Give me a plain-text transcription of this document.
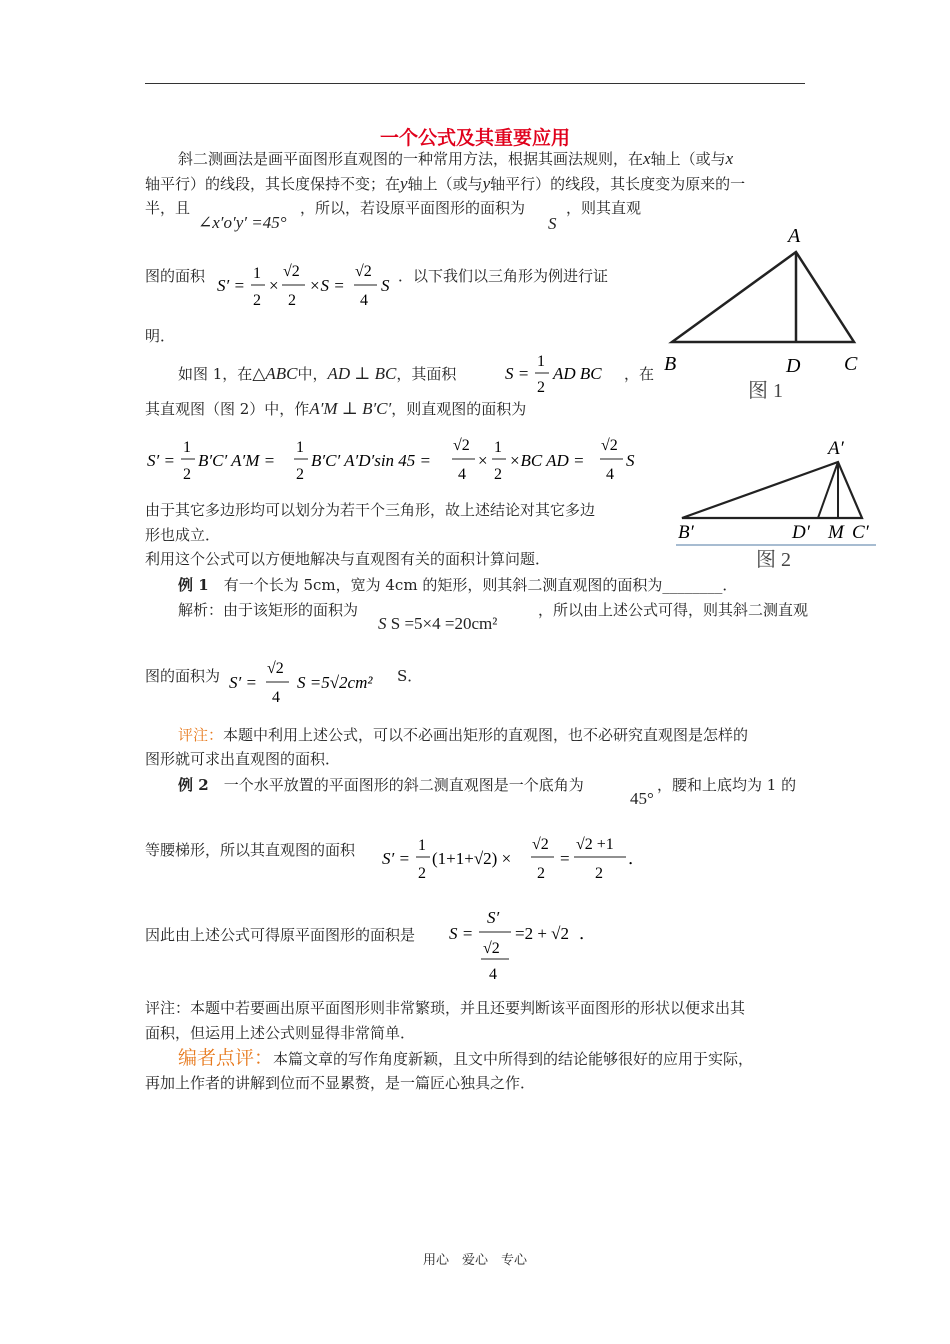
一个公式及其重要应用
斜二测画法是画平面图形直观图的一种常用方法，根据其画法规则，在x轴上（或与x
轴平行）的线段，其长度保持不变；在y轴上（或与y轴平行）的线段，其长度变为原来的一
半，且
∠x′o′y′ =45°
，所以，若设原平面图形的面积为
S
，则其直观
图的面积 S′ =
1
2
×
√2
2
×S =
√2
4
S ．以下我们以三角形为例进行证
明．
A
B	D C
图 1
如图 1，在△ABC中，AD ⊥ BC，其面积	S =
1
2
AD BC ，在
其直观图（图 2）中，作A′M ⊥ B′C′，则直观图的面积为
S′ =
1
2
B′C′ A′M =
1
2
B′C′ A′D′sin 45 =
√2
4
×
1
2
×BC AD =
√2
4
S
A′
B′	D′ M C′
图 2
由于其它多边形均可以划分为若干个三角形，故上述结论对其它多边
形也成立．
利用这个公式可以方便地解决与直观图有关的面积计算问题．
例 1　 有一个长为 5cm，宽为 4cm 的矩形，则其斜二测直观图的面积为________．
解析：由于该矩形的面积为
S S =5×4 =20cm²
，所以由上述公式可得，则其斜二测直观
图的面积为 S′ =
√2
4
S =5√2cm² S．
评注：本题中利用上述公式，可以不必画出矩形的直观图，也不必研究直观图是怎样的
图形就可求出直观图的面积．
例 2　 一个水平放置的平面图形的斜二测直观图是一个底角为
45°
，腰和上底均为 1 的
等腰梯形，所以其直观图的面积 S′ =
1
2
(1+1+√2) ×
√2
2
=
√2 +1
2
．
因此由上述公式可得原平面图形的面积是 S =
S′
√2
4
=2 + √2 ．
评注：本题中若要画出原平面图形则非常繁琐，并且还要判断该平面图形的形状以便求出其
面积，但运用上述公式则显得非常简单．
编者点评：本篇文章的写作角度新颖，且文中所得到的结论能够很好的应用于实际，
再加上作者的讲解到位而不显累赘，是一篇匠心独具之作．
用心　爱心　专心
